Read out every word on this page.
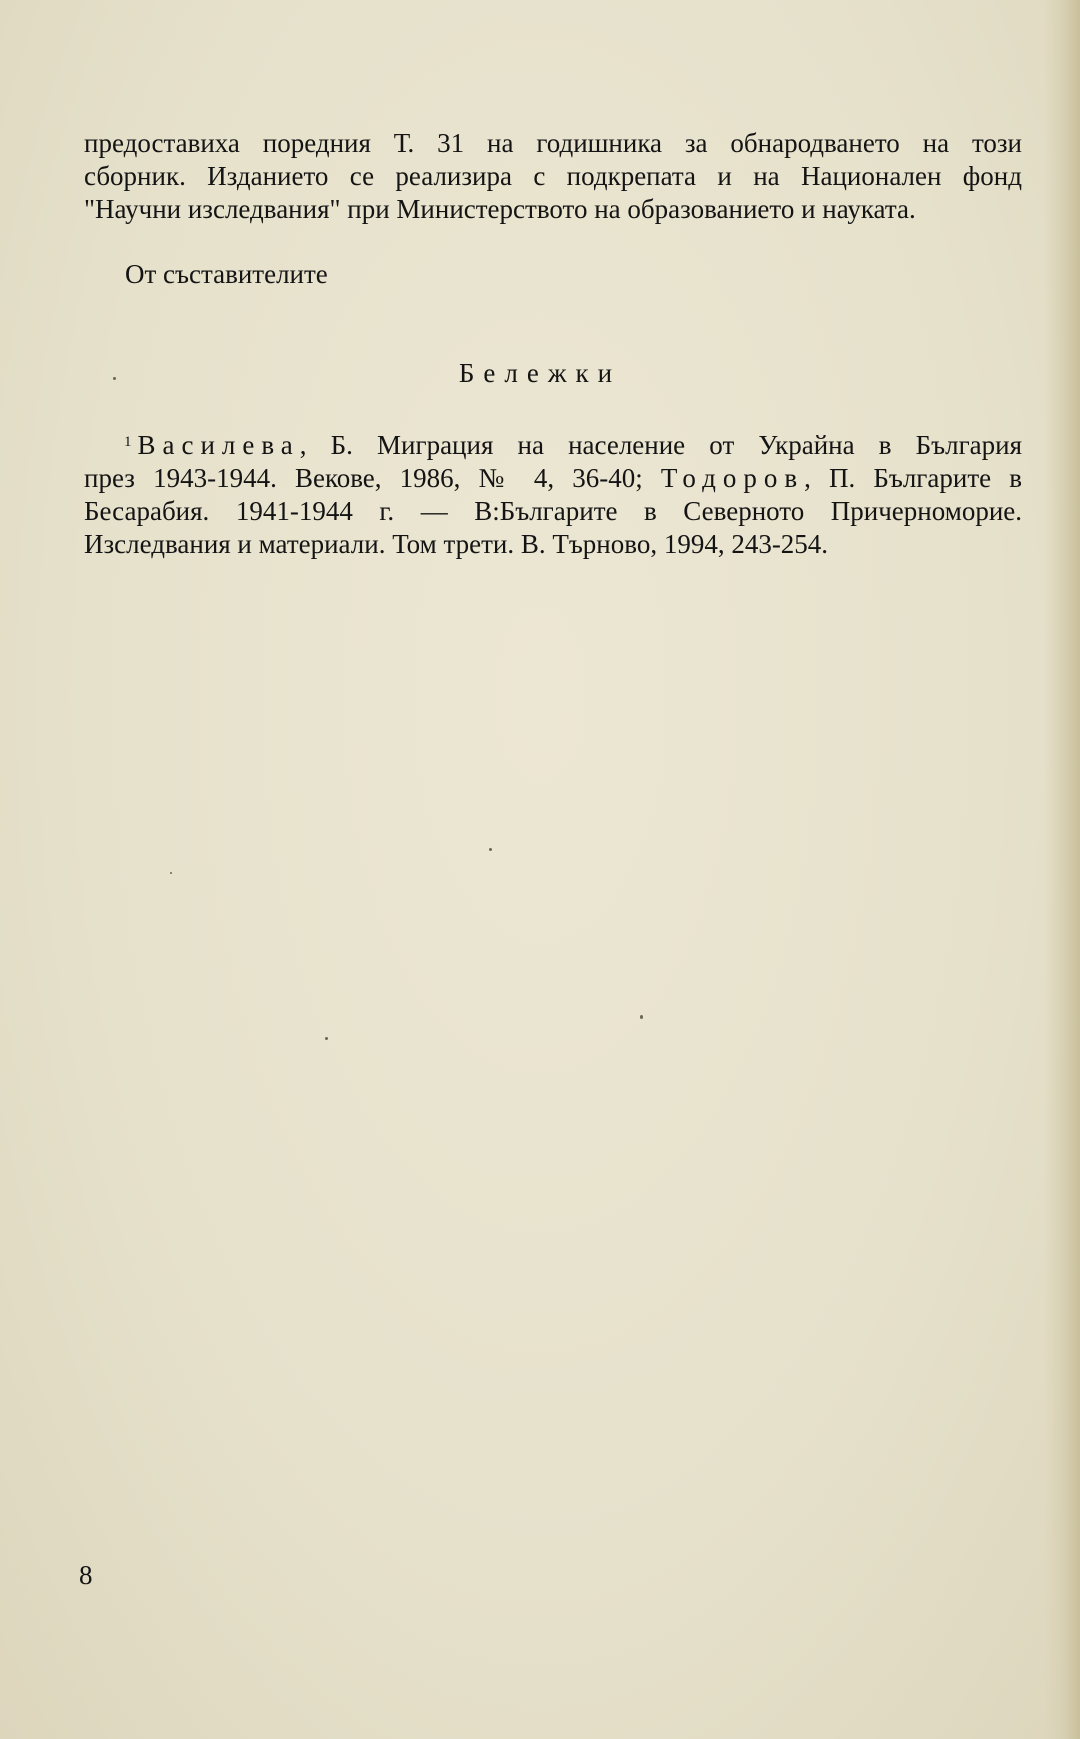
предоставиха поредния Т. 31 на годишника за обнародването на този
сборник. Изданието се реализира с подкрепата и на Национален фонд
"Научни изследвания" при Министерството на образованието и науката.

От съставителите

Бележки

$^1$ Василева, Б. Миграция на население от Украйна в България
през 1943-1944. Векове, 1986, № 4, 36-40; Тодоров, П. Българите в
Бесарабия. 1941-1944 г. — В:Българите в Северното Причерноморие.
Изследвания и материали. Том трети. В. Търново, 1994, 243-254.

8
